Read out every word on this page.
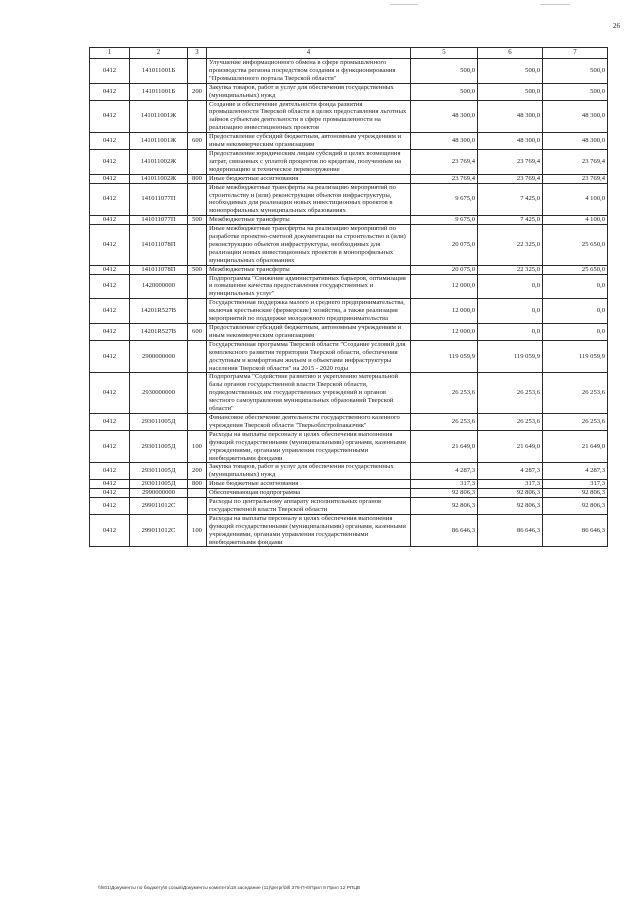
26
1	2	3	4	5	6	7
0412	141011001Б		Улучшение информационного обмена в сфере промышленного производства региона посредством создания и функционирования "Промышленного портала Тверской области"	500,0	500,0	500,0
0412	141011001Б	200	Закупка товаров, работ и услуг для обеспечения государственных (муниципальных) нужд	500,0	500,0	500,0
0412	141011001Ж		Создание и обеспечение деятельности фонда развития промышленности Тверской области в целях предоставления льготных займов субъектам деятельности в сфере промышленности на реализацию инвестиционных проектов	48 300,0	48 300,0	48 300,0
0412	141011001Ж	600	Предоставление субсидий бюджетным, автономным учреждениям и иным некоммерческим организациям	48 300,0	48 300,0	48 300,0
0412	141011002Ж		Предоставление юридическим лицам субсидий в целях возмещения затрат, связанных с уплатой процентов по кредитам, полученным на модернизацию и техническое перевооружение	23 769,4	23 769,4	23 769,4
0412	141011002Ж	800	Иные бюджетные ассигнования	23 769,4	23 769,4	23 769,4
0412	141011077П		Иные межбюджетные трансферты на реализацию мероприятий по строительству и (или) реконструкции объектов инфраструктуры, необходимых для реализации новых инвестиционных проектов в монопрофильных муниципальных образованиях	9 675,0	7 425,0	4 100,0
0412	141011077П	500	Межбюджетные трансферты	9 675,0	7 425,0	4 100,0
0412	141011078П		Иные межбюджетные трансферты на реализацию мероприятий по разработке проектно-сметной документации на строительство и (или) реконструкцию объектов инфраструктуры, необходимых для реализации новых инвестиционных проектов в монопрофильных муниципальных образованиях	20 075,0	22 325,0	25 650,0
0412	141011078П	500	Межбюджетные трансферты	20 075,0	22 325,0	25 650,0
0412	1420000000		Подпрограмма "Снижение административных барьеров, оптимизация и повышение качества предоставления государственных и муниципальных услуг"	12 000,0	0,0	0,0
0412	14201R527В		Государственная поддержка малого и среднего предпринимательства, включая крестьянские (фермерские) хозяйства, а также реализация мероприятий по поддержке молодежного предпринимательства	12 000,0	0,0	0,0
0412	14201R527В	600	Предоставление субсидий бюджетным, автономным учреждениям и иным некоммерческим организациям	12 000,0	0,0	0,0
0412	2900000000		Государственная программа Тверской области "Создание условий для комплексного развития территории Тверской области, обеспечения доступным и комфортным жильем и объектами инфраструктуры населения Тверской области" на 2015 - 2020 годы	119 059,9	119 059,9	119 059,9
0412	2930000000		Подпрограмма "Содействие развитию и укреплению материальной базы органов государственной власти Тверской области, подведомственных им государственных учреждений и органов местного самоуправления муниципальных образований Тверской области"	26 253,6	26 253,6	26 253,6
0412	293011005Д		Финансовое обеспечение деятельности государственного казенного учреждения Тверской области "Тверьоблстройзаказчик"	26 253,6	26 253,6	26 253,6
0412	293011005Д	100	Расходы на выплаты персоналу в целях обеспечения выполнения функций государственными (муниципальными) органами, казенными учреждениями, органами управления государственными внебюджетными фондами	21 649,0	21 649,0	21 649,0
0412	293011005Д	200	Закупка товаров, работ и услуг для обеспечения государственных (муниципальных) нужд	4 287,3	4 287,3	4 287,3
0412	293011005Д	800	Иные бюджетные ассигнования	317,3	317,3	317,3
0412	2990000000		Обеспечивающая подпрограмма	92 806,3	92 806,3	92 806,3
0412	299011012С		Расходы по центральному аппарату исполнительных органов государственной власти Тверской области	92 806,3	92 806,3	92 806,3
0412	299011012С	100	Расходы на выплаты персоналу в целях обеспечения выполнения функций государственными (муниципальными) органами, казенными учреждениями, органами управления государственными внебюджетными фондами	86 646,3	86 646,3	86 646,3
\\fs01\Документы по бюджету\6 созыв\Документы комитета\18 заседание (11)\регрг\bill 376-П-6\Прил 8 Прил 12 РПЦВ
